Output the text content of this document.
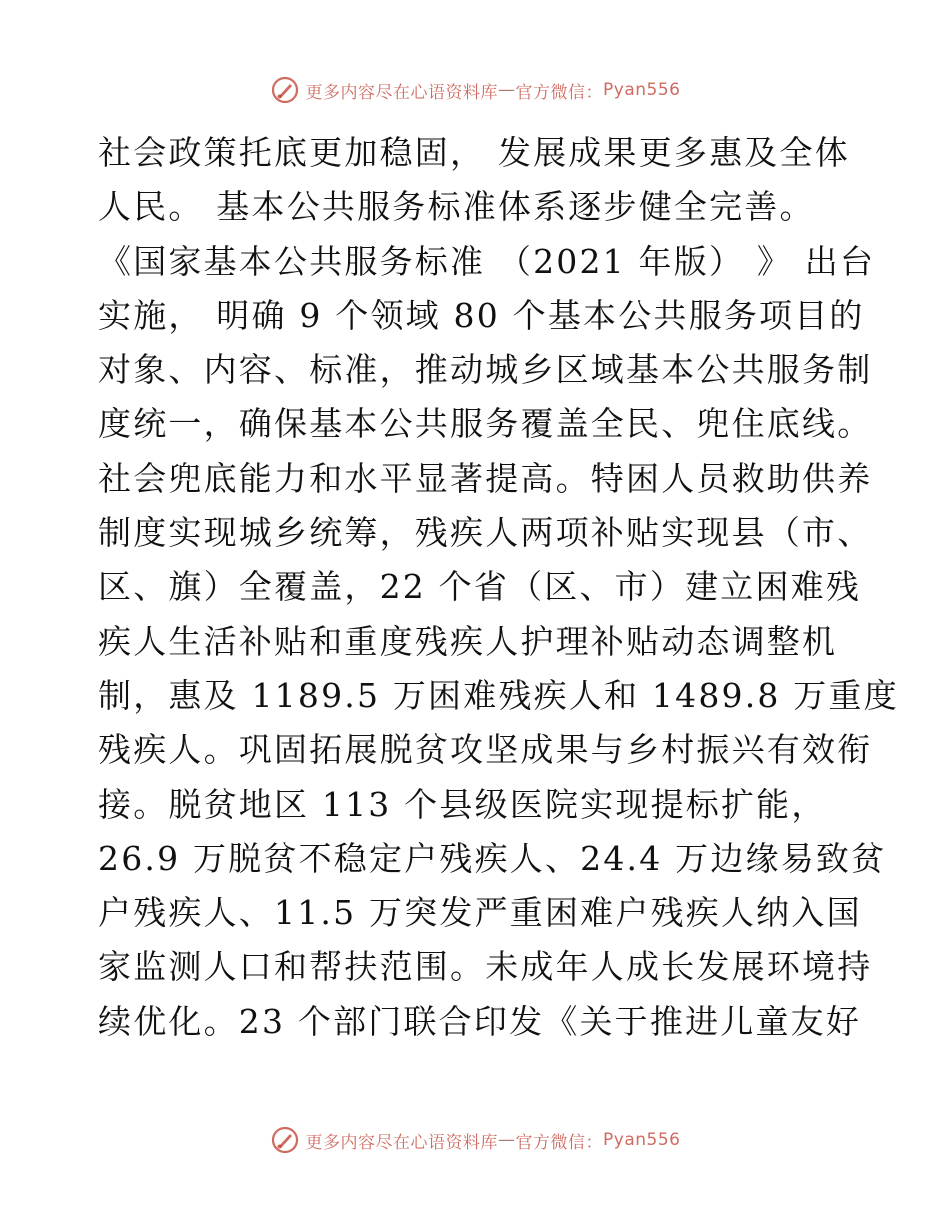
更多内容尽在心语资料库 — 官方微信： Pyan556
社会政策托底更加稳固， 发展成果更多惠及全体
人民。 基本公共服务标准体系逐步健全完善。
《国家基本公共服务标准 （2021 年版） 》 出台
实施， 明确 9 个领域 80 个基本公共服务项目的
对象、内容、标准，推动城乡区域基本公共服务制
度统一，确保基本公共服务覆盖全民、兜住底线。
社会兜底能力和水平显著提高。特困人员救助供养
制度实现城乡统筹，残疾人两项补贴实现县（市、
区、旗）全覆盖，22 个省（区、市）建立困难残
疾人生活补贴和重度残疾人护理补贴动态调整机
制，惠及 1189.5 万困难残疾人和 1489.8 万重度
残疾人。巩固拓展脱贫攻坚成果与乡村振兴有效衔
接。脱贫地区 113 个县级医院实现提标扩能，
26.9 万脱贫不稳定户残疾人、24.4 万边缘易致贫
户残疾人、11.5 万突发严重困难户残疾人纳入国
家监测人口和帮扶范围。未成年人成长发展环境持
续优化。23 个部门联合印发《关于推进儿童友好
更多内容尽在心语资料库 — 官方微信： Pyan556
